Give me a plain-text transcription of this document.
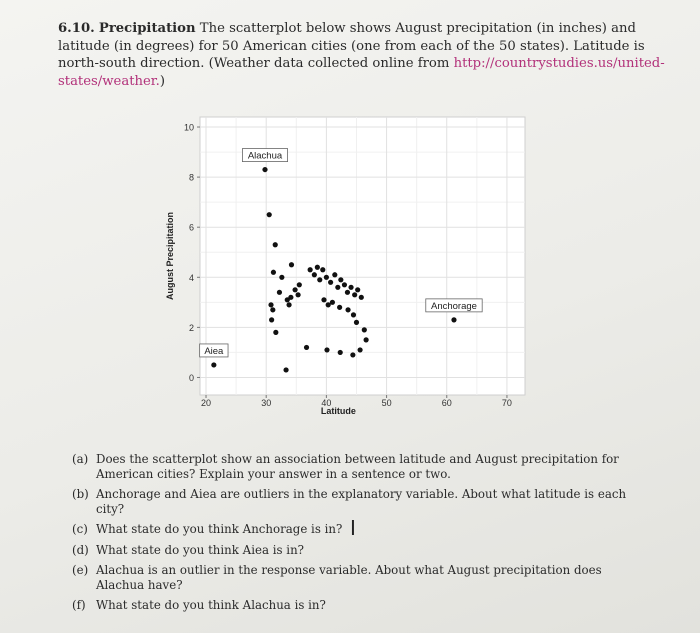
6.10. Precipitation The scatterplot below shows August precipitation (in inches) and latitude (in degrees) for 50 American cities (one from each of the 50 states). Latitude is north-south direction. (Weather data collected online from http://countrystudies.us/united-states/weather.)
20	30	40	50	60	70
0
2
4
6
8
10
Latitude
August Precipitation
Aiea
Anchorage
Alachua
(a) Does the scatterplot show an association between latitude and August precipitation for American cities? Explain your answer in a sentence or two.
(b) Anchorage and Aiea are outliers in the explanatory variable. About what latitude is each city?
(c) What state do you think Anchorage is in?
(d) What state do you think Aiea is in?
(e) Alachua is an outlier in the response variable. About what August precipitation does Alachua have?
(f) What state do you think Alachua is in?
I
